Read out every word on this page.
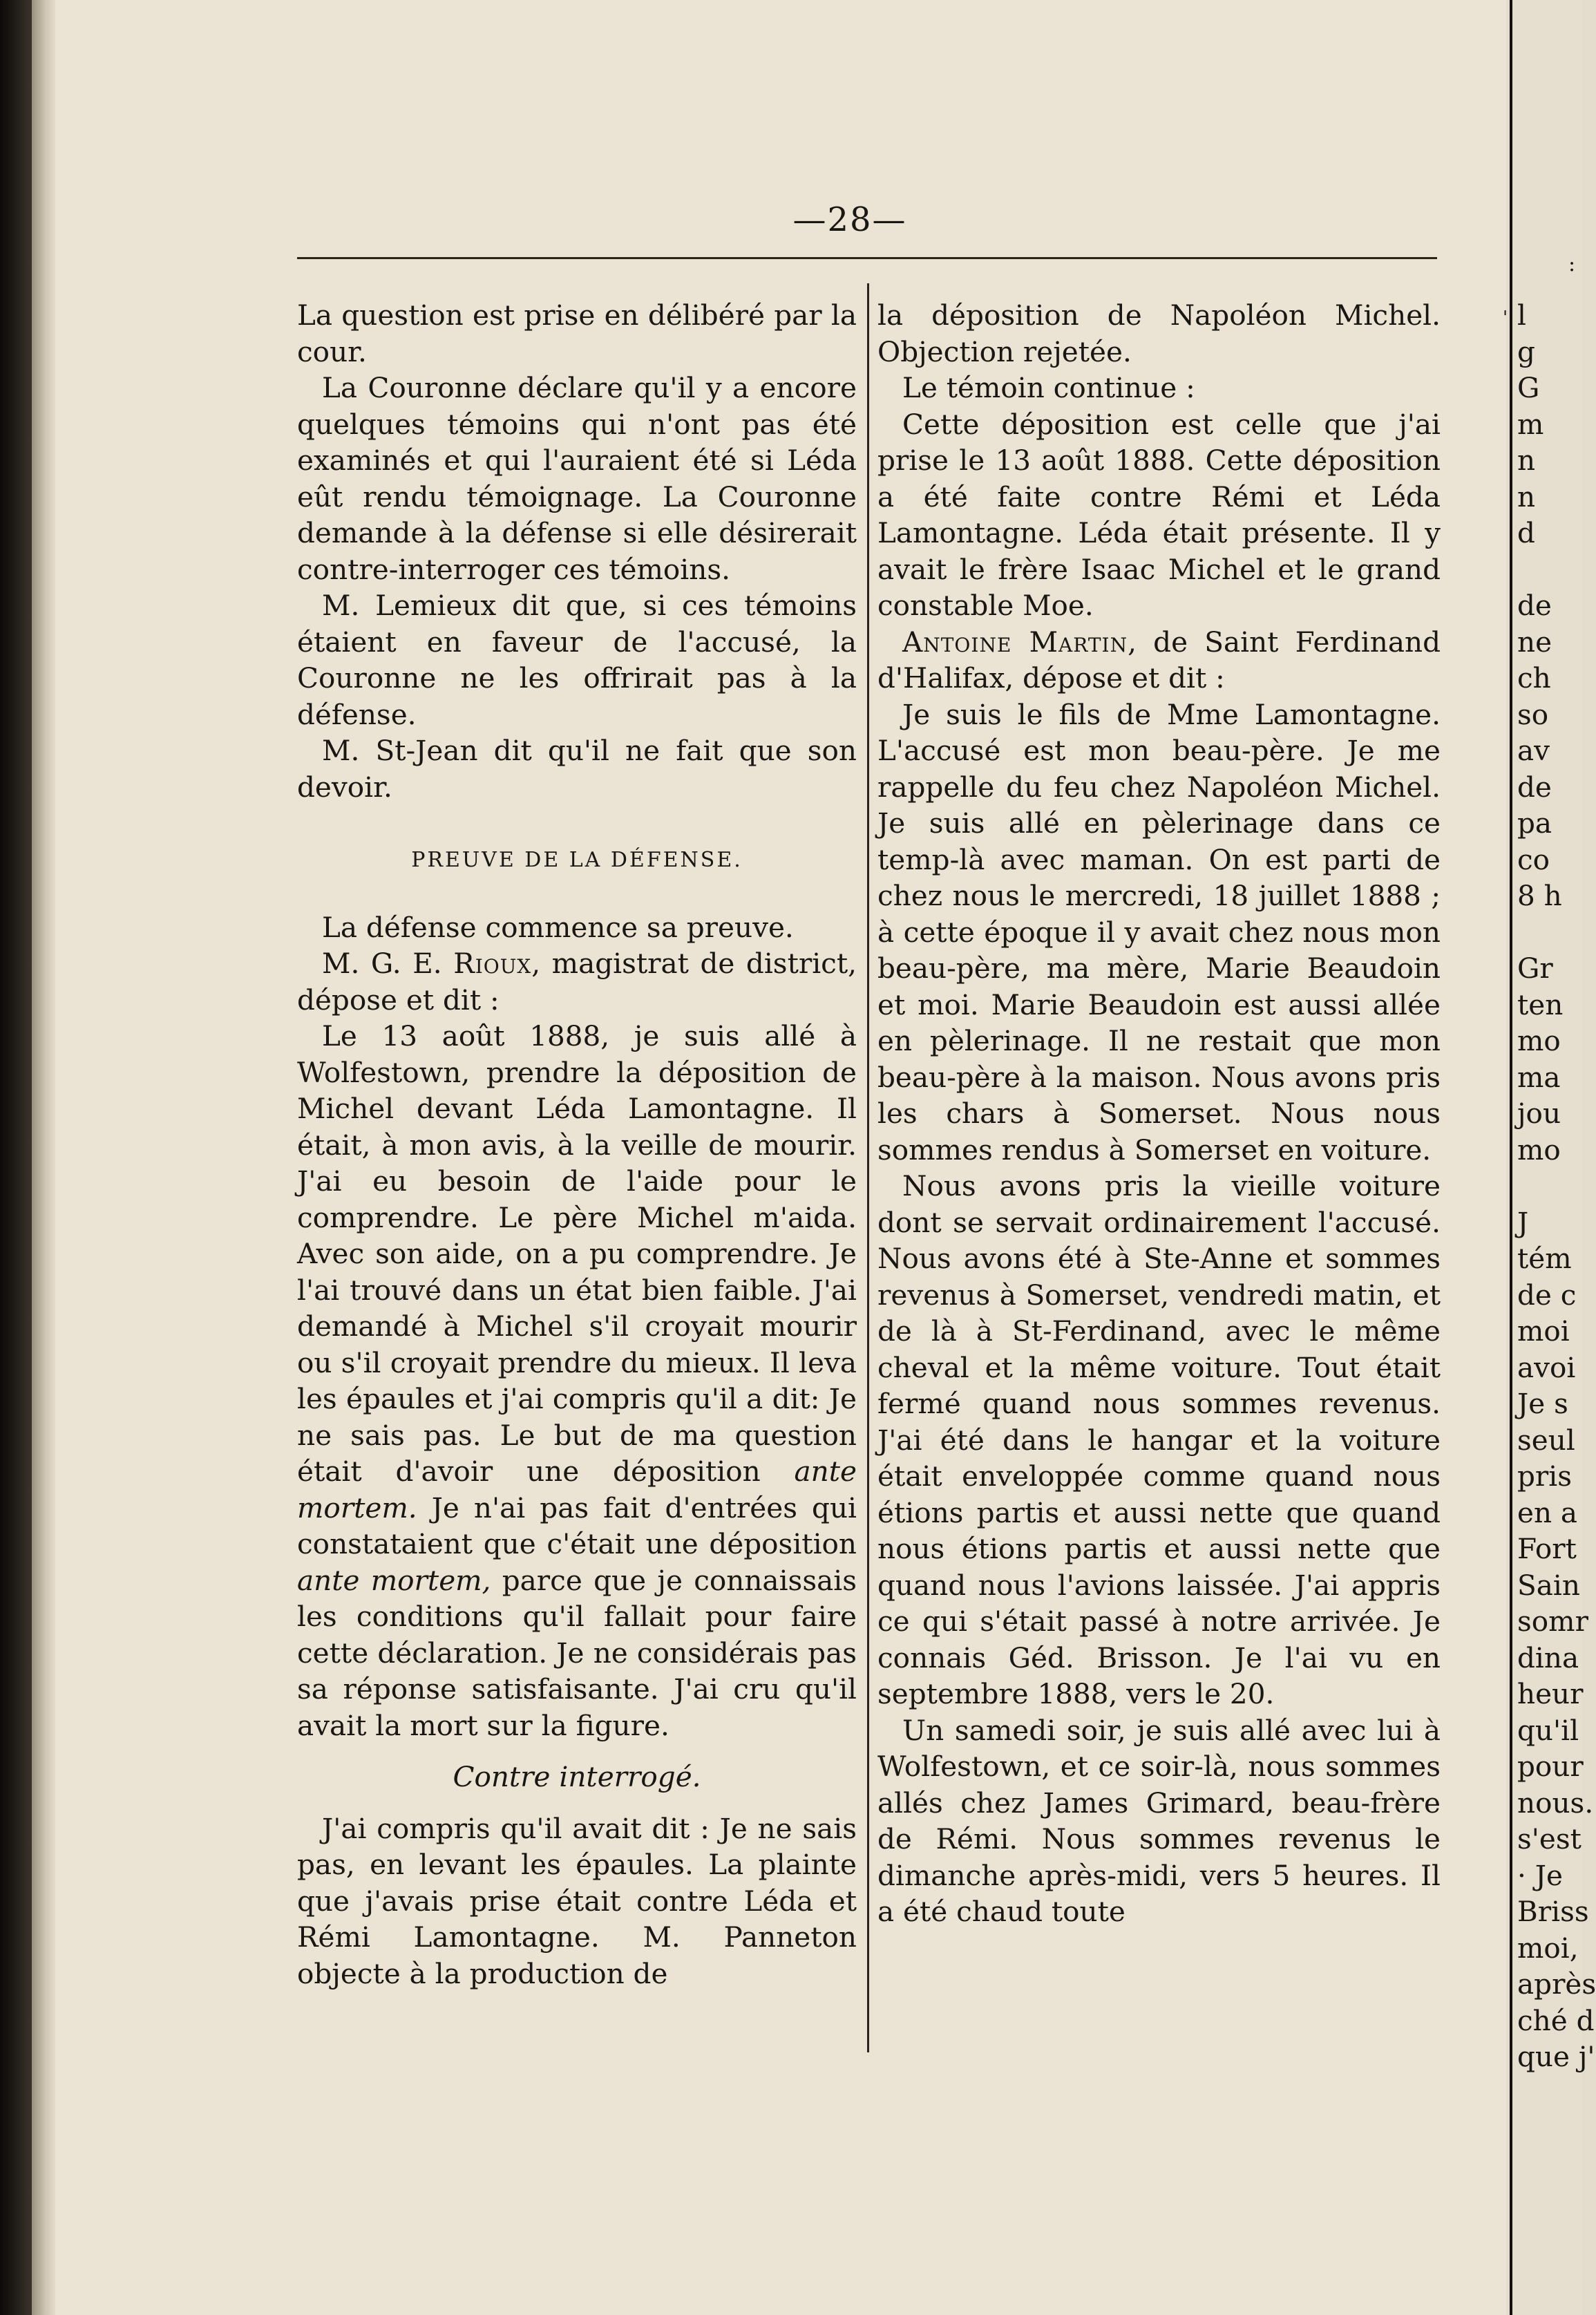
—28—

La question est prise en délibéré par la cour.

La Couronne déclare qu'il y a encore quelques témoins qui n'ont pas été examinés et qui l'auraient été si Léda eût rendu témoignage. La Couronne demande à la défense si elle désirerait contre-interroger ces témoins.

M. Lemieux dit que, si ces témoins étaient en faveur de l'accusé, la Couronne ne les offrirait pas à la défense.

M. St-Jean dit qu'il ne fait que son devoir.

PREUVE DE LA DÉFENSE.

La défense commence sa preuve.

M. G. E. Rioux, magistrat de district, dépose et dit :

Le 13 août 1888, je suis allé à Wolfestown, prendre la déposition de Michel devant Léda Lamontagne. Il était, à mon avis, à la veille de mourir. J'ai eu besoin de l'aide pour le comprendre. Le père Michel m'aida. Avec son aide, on a pu comprendre. Je l'ai trouvé dans un état bien faible. J'ai demandé à Michel s'il croyait mourir ou s'il croyait prendre du mieux. Il leva les épaules et j'ai compris qu'il a dit: Je ne sais pas. Le but de ma question était d'avoir une déposition ante mortem. Je n'ai pas fait d'entrées qui constataient que c'était une déposition ante mortem, parce que je connaissais les conditions qu'il fallait pour faire cette déclaration. Je ne considérais pas sa réponse satisfaisante. J'ai cru qu'il avait la mort sur la figure.

Contre interrogé.

J'ai compris qu'il avait dit : Je ne sais pas, en levant les épaules. La plainte que j'avais prise était contre Léda et Rémi Lamontagne. M. Panneton objecte à la production de

la déposition de Napoléon Michel. Objection rejetée.

Le témoin continue :

Cette déposition est celle que j'ai prise le 13 août 1888. Cette déposition a été faite contre Rémi et Léda Lamontagne. Léda était présente. Il y avait le frère Isaac Michel et le grand constable Moe.

Antoine Martin, de Saint Ferdinand d'Halifax, dépose et dit :

Je suis le fils de Mme Lamontagne. L'accusé est mon beau-père. Je me rappelle du feu chez Napoléon Michel. Je suis allé en pèlerinage dans ce temp-là avec maman. On est parti de chez nous le mercredi, 18 juillet 1888 ; à cette époque il y avait chez nous mon beau-père, ma mère, Marie Beaudoin et moi. Marie Beaudoin est aussi allée en pèlerinage. Il ne restait que mon beau-père à la maison. Nous avons pris les chars à Somerset. Nous nous sommes rendus à Somerset en voiture.

Nous avons pris la vieille voiture dont se servait ordinairement l'accusé. Nous avons été à Ste-Anne et sommes revenus à Somerset, vendredi matin, et de là à St-Ferdinand, avec le même cheval et la même voiture. Tout était fermé quand nous sommes revenus. J'ai été dans le hangar et la voiture était enveloppée comme quand nous étions partis et aussi nette que quand nous étions partis et aussi nette que quand nous l'avions laissée. J'ai appris ce qui s'était passé à notre arrivée. Je connais Géd. Brisson. Je l'ai vu en septembre 1888, vers le 20.

Un samedi soir, je suis allé avec lui à Wolfestown, et ce soir-là, nous sommes allés chez James Grimard, beau-frère de Rémi. Nous sommes revenus le dimanche après-midi, vers 5 heures. Il a été chaud toute

:
' l
g
G
m
n
n
d
de
ne
ch
so
av
de
pa
co
8 h
Gr
ten
mo
ma
jou
mo
J
tém
de c
moi
avoi
Je s
seul
pris
en a
Fort
Sain
somr
dina
heur
qu'il
pour
nous.
s'est
· Je
Briss
moi,
après
ché d
que j'
